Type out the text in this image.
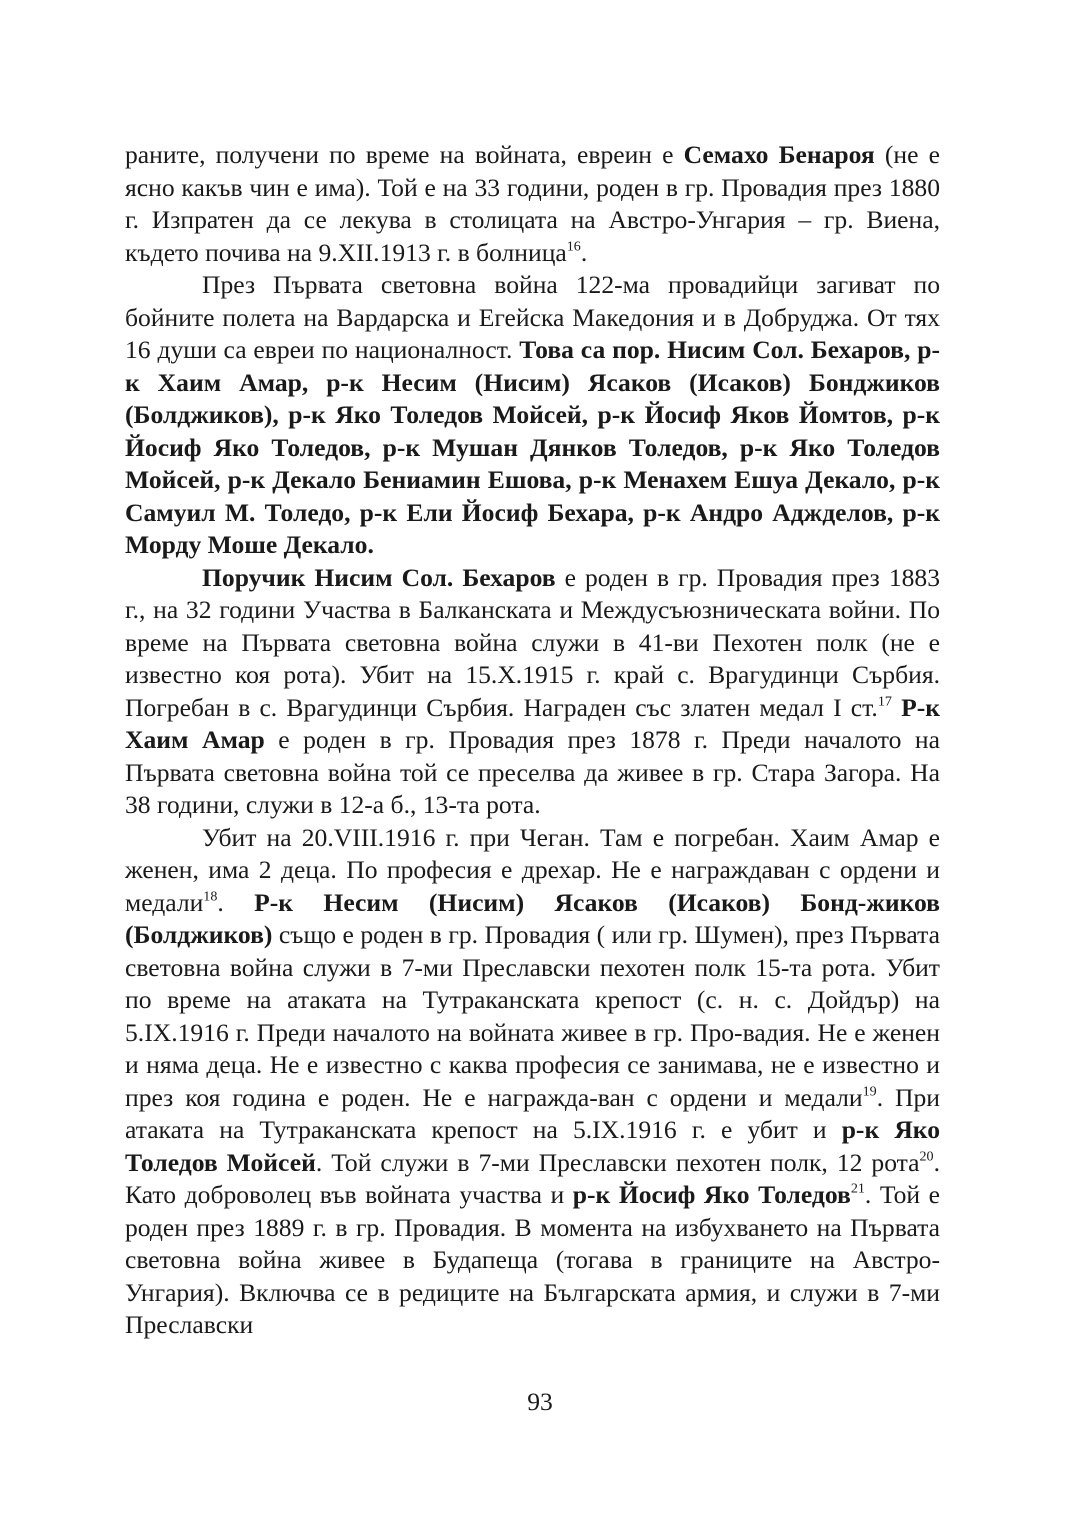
раните, получени по време на войната, евреин е Семахо Бенароя (не е ясно какъв чин е има). Той е на 33 години, роден в гр. Провадия през 1880 г. Изпратен да се лекува в столицата на Австро-Унгария – гр. Виена, където почива на 9.XII.1913 г. в болница$^{16}$.

През Първата световна война 122-ма провадийци загиват по бойните полета на Вардарска и Егейска Македония и в Добруджа. От тях 16 души са евреи по националност. Това са пор. Нисим Сол. Бехаров, р-к Хаим Амар, р-к Несим (Нисим) Ясаков (Исаков) Бонджиков (Болджиков), р-к Яко Толедов Мойсей, р-к Йосиф Яков Йомтов, р-к Йосиф Яко Толедов, р-к Мушан Дянков Толедов, р-к Яко Толедов Мойсей, р-к Декало Бениамин Ешова, р-к Менахем Ешуа Декало, р-к Самуил М. Толедо, р-к Ели Йосиф Бехара, р-к Андро Аджделов, р-к Морду Моше Декало.

Поручик Нисим Сол. Бехаров е роден в гр. Провадия през 1883 г., на 32 години Участва в Балканската и Междусъюзническата войни. По време на Първата световна война служи в 41-ви Пехотен полк (не е известно коя рота). Убит на 15.Х.1915 г. край с. Врагудинци Сърбия. Погребан в с. Врагудинци Сърбия. Награден със златен медал I ст.$^{17}$ Р-к Хаим Амар е роден в гр. Провадия през 1878 г. Преди началото на Първата световна война той се преселва да живее в гр. Стара Загора. На 38 години, служи в 12-а б., 13-та рота.

Убит на 20.VIII.1916 г. при Чеган. Там е погребан. Хаим Амар е женен, има 2 деца. По професия е дрехар. Не е награждаван с ордени и медали$^{18}$. Р-к Несим (Нисим) Ясаков (Исаков) Бонд-жиков (Болджиков) също е роден в гр. Провадия ( или гр. Шумен), през Първата световна война служи в 7-ми Преславски пехотен полк 15-та рота. Убит по време на атаката на Тутраканската крепост (с. н. с. Дойдър) на 5.IX.1916 г. Преди началото на войната живее в гр. Про-вадия. Не е женен и няма деца. Не е известно с каква професия се занимава, не е известно и през коя година е роден. Не е награжда-ван с ордени и медали$^{19}$. При атаката на Тутраканската крепост на 5.IX.1916 г. е убит и р-к Яко Толедов Мойсей. Той служи в 7-ми Преславски пехотен полк, 12 рота$^{20}$. Като доброволец във войната участва и р-к Йосиф Яко Толедов$^{21}$. Той е роден през 1889 г. в гр. Провадия. В момента на избухването на Първата световна война живее в Будапеща (тогава в границите на Австро-Унгария). Включва се в редиците на Българската армия, и служи в 7-ми Преславски

93
